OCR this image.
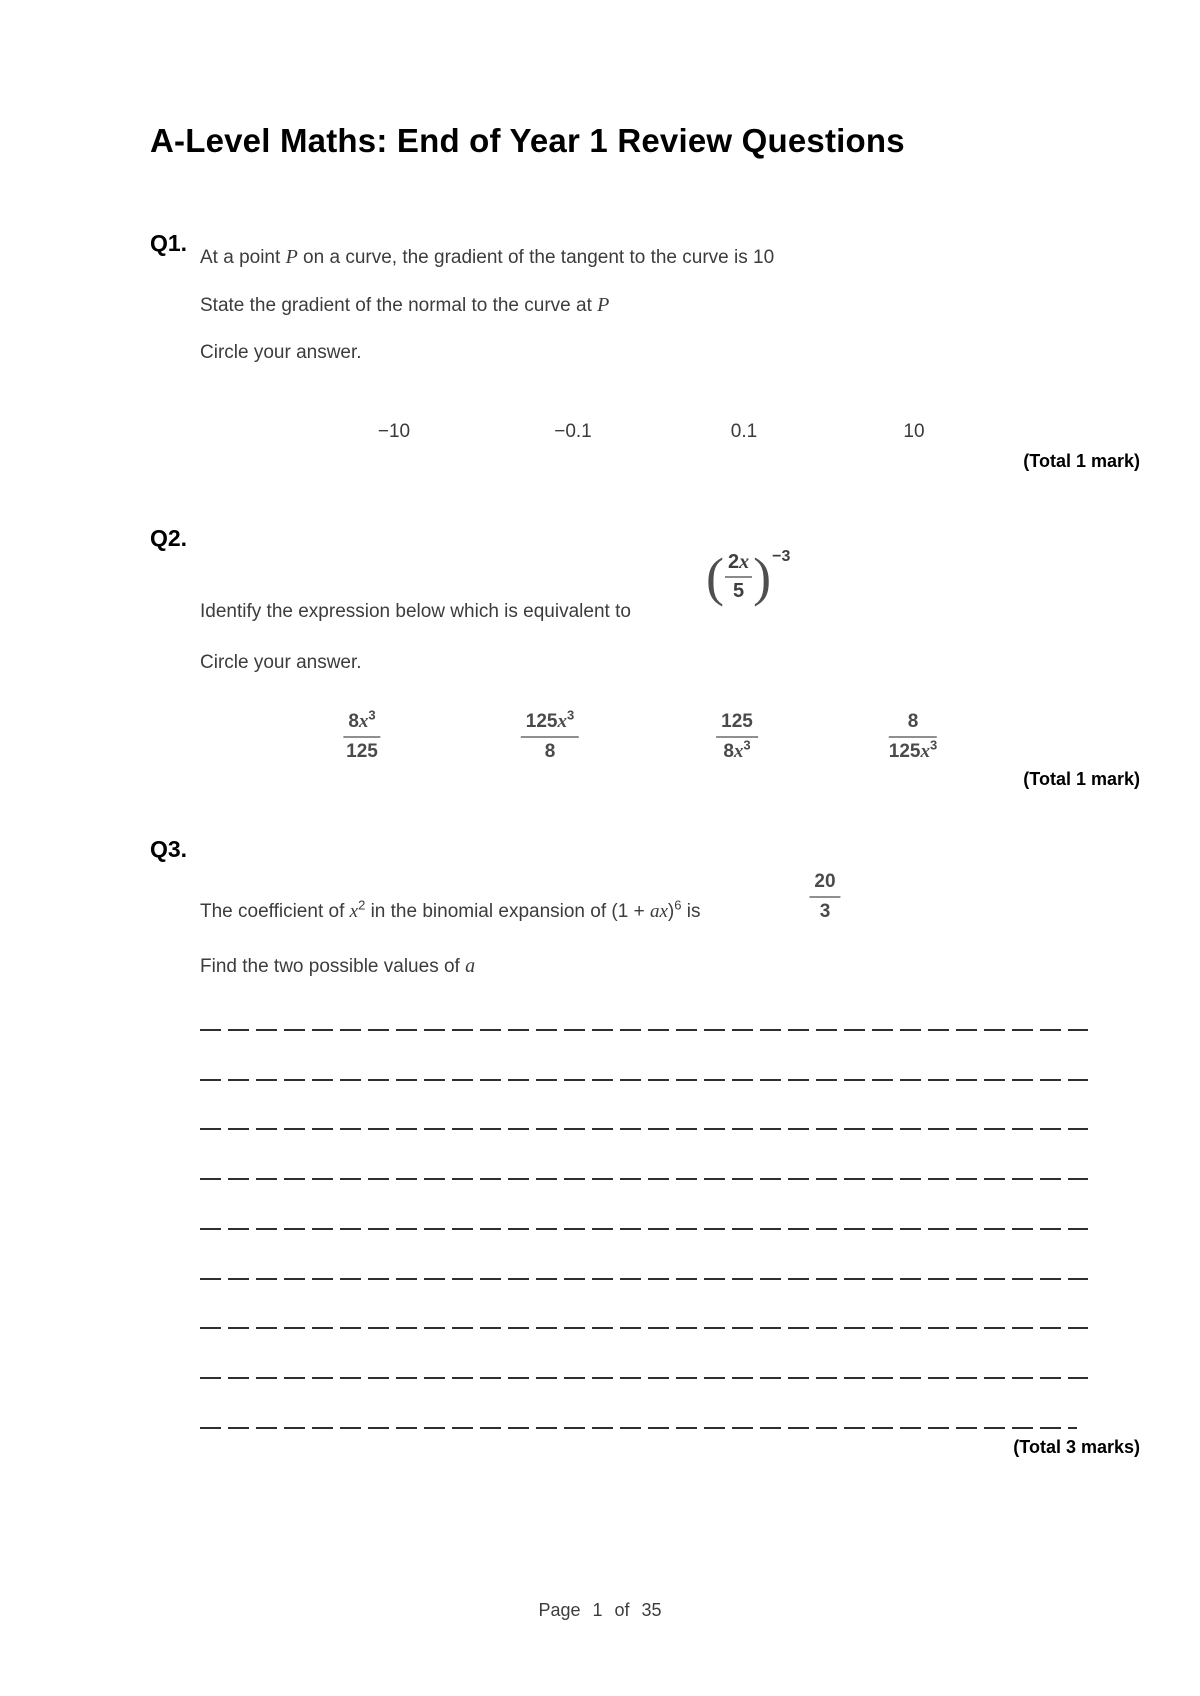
A-Level Maths: End of Year 1 Review Questions
Q1.
At a point P on a curve, the gradient of the tangent to the curve is 10
State the gradient of the normal to the curve at P
Circle your answer.
−10	−0.1	0.1	10
(Total 1 mark)
Q2.
Identify the expression below which is equivalent to
( 2x
5 )$^{-3}$
Circle your answer.
$\frac{8x^3}{125}$	$\frac{125x^3}{8}$	$\frac{125}{8x^3}$	$\frac{8}{125x^3}$
(Total 1 mark)
Q3.
The coefficient of $x^2$ in the binomial expansion of (1 + ax)$^6$ is	$\frac{20}{3}$
Find the two possible values of a
(Total 3 marks)
Page 1 of 35
